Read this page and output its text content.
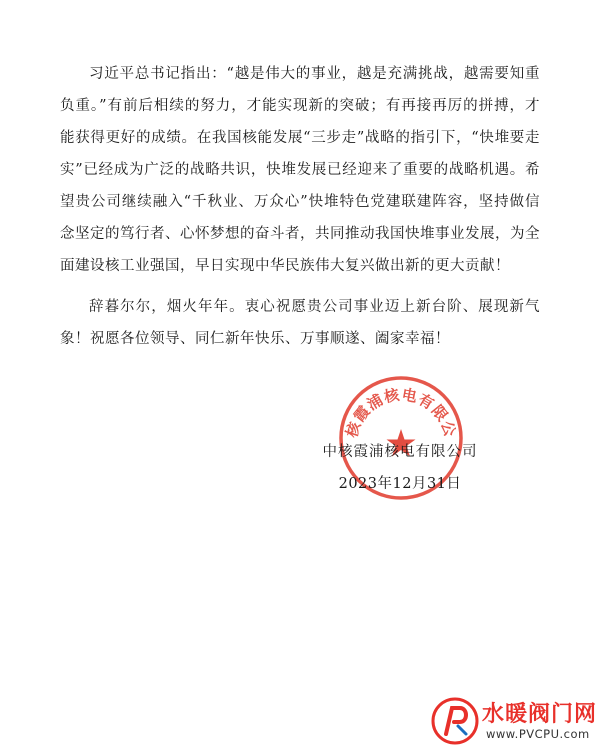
习近平总书记指出：“越是伟大的事业，越是充满挑战，越需要知重负重。”有前后相续的努力，才能实现新的突破；有再接再厉的拼搏，才能获得更好的成绩。在我国核能发展“三步走”战略的指引下，“快堆要走实”已经成为广泛的战略共识，快堆发展已经迎来了重要的战略机遇。希望贵公司继续融入“千秋业、万众心”快堆特色党建联建阵容，坚持做信念坚定的笃行者、心怀梦想的奋斗者，共同推动我国快堆事业发展，为全面建设核工业强国，早日实现中华民族伟大复兴做出新的更大贡献！

辞暮尔尔，烟火年年。衷心祝愿贵公司事业迈上新台阶、展现新气象！祝愿各位领导、同仁新年快乐、万事顺遂、阖家幸福！

核霞浦核电有限公
中核霞浦核电有限公司
2023年12月31日
水暖阀门网
www.PVCPU.com
